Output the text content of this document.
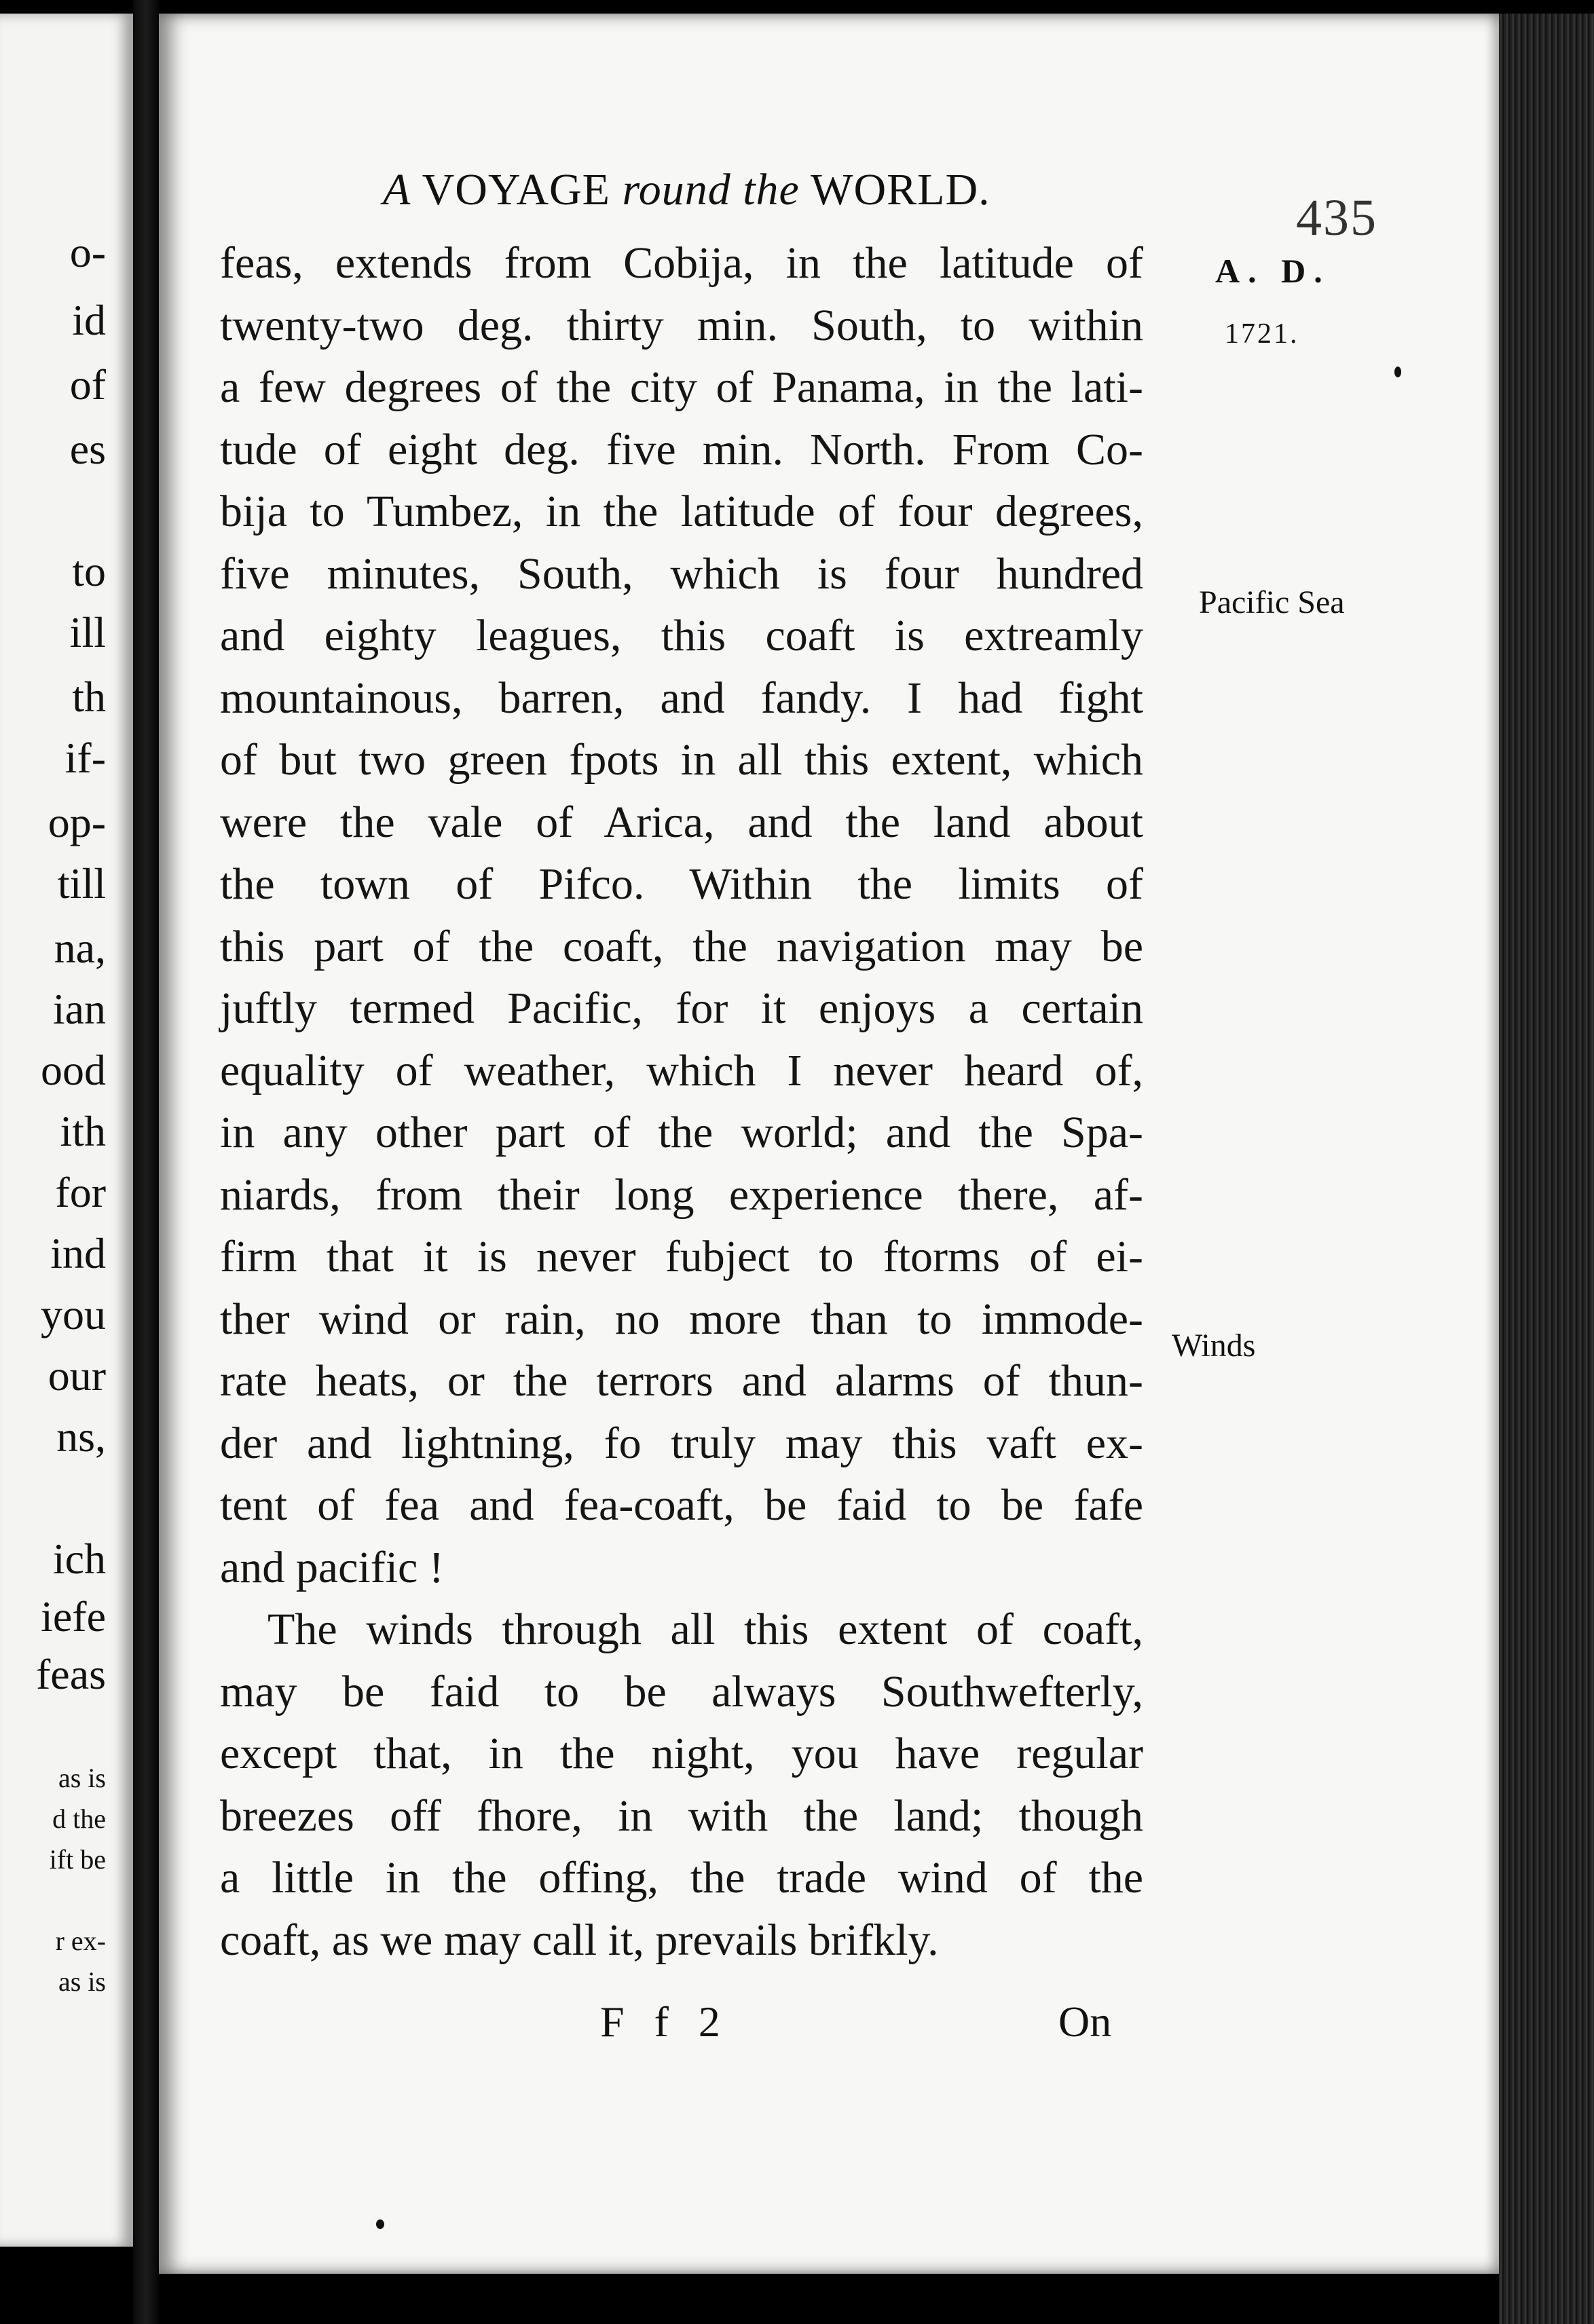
o-
id
of
es
to
ill
th
if-
op-
till
na,
ian
ood
ith
for
ind
you
our
ns,
ich
iefe
feas
as is
d the
ift be
r ex-
as is
A VOYAGE round the WORLD.	435
A. D.
1721.
Pacific Sea
Winds
feas, extends from Cobija, in the latitude of
twenty-two deg. thirty min. South, to within
a few degrees of the city of Panama, in the lati-
tude of eight deg. five min. North. From Co-
bija to Tumbez, in the latitude of four degrees,
five minutes, South, which is four hundred
and eighty leagues, this coaft is extreamly
mountainous, barren, and fandy. I had fight
of but two green fpots in all this extent, which
were the vale of Arica, and the land about
the town of Pifco. Within the limits of
this part of the coaft, the navigation may be
juftly termed Pacific, for it enjoys a certain
equality of weather, which I never heard of,
in any other part of the world; and the Spa-
niards, from their long experience there, af-
firm that it is never fubject to ftorms of ei-
ther wind or rain, no more than to immode-
rate heats, or the terrors and alarms of thun-
der and lightning, fo truly may this vaft ex-
tent of fea and fea-coaft, be faid to be fafe
and pacific !
The winds through all this extent of coaft,
may be faid to be always Southwefterly,
except that, in the night, you have regular
breezes off fhore, in with the land; though
a little in the offing, the trade wind of the
coaft, as we may call it, prevails brifkly.
F f 2	On
